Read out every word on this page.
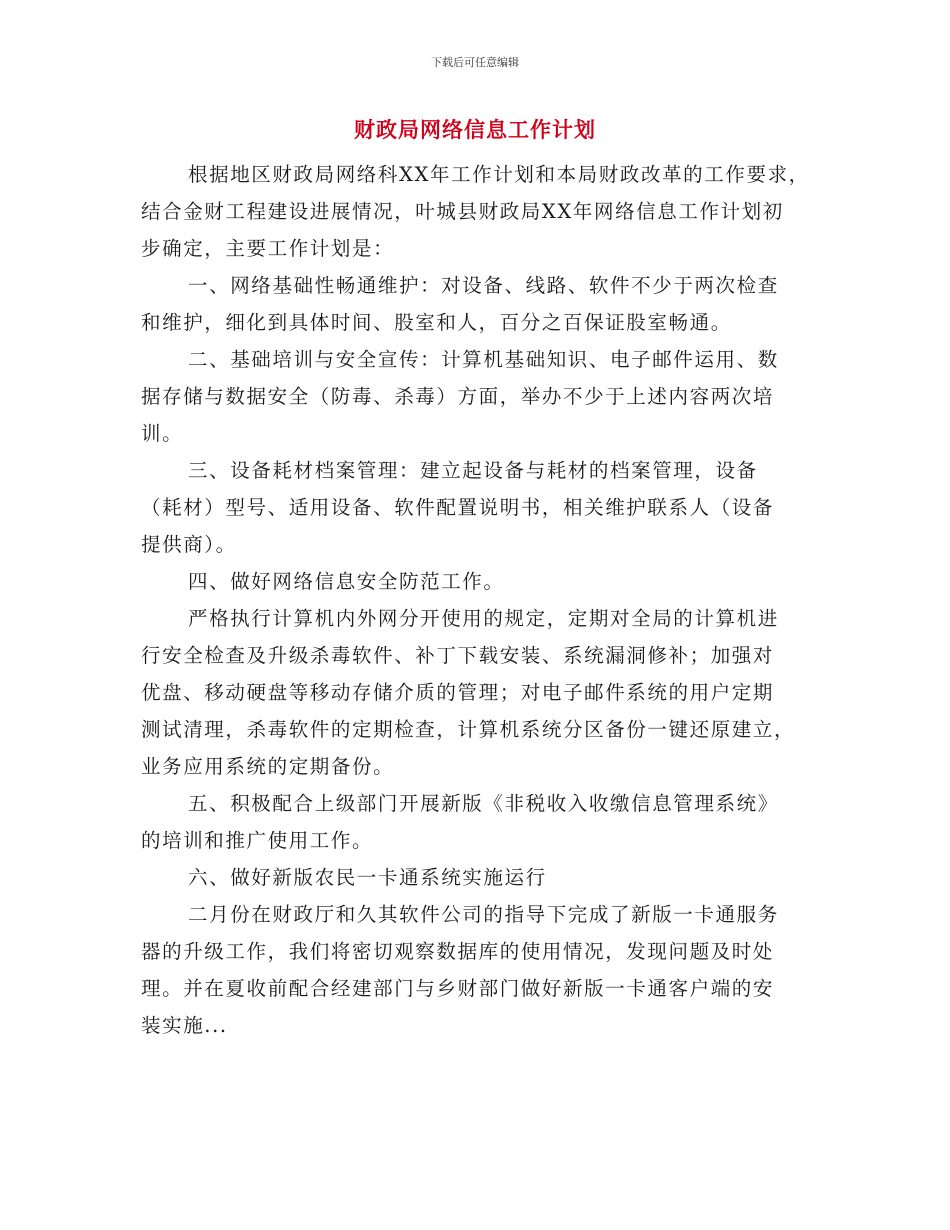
下载后可任意编辑
财政局网络信息工作计划
根据地区财政局网络科XX年工作计划和本局财政改革的工作要求，
结合金财工程建设进展情况，叶城县财政局XX年网络信息工作计划初
步确定，主要工作计划是：
一、网络基础性畅通维护：对设备、线路、软件不少于两次检查
和维护，细化到具体时间、股室和人，百分之百保证股室畅通。
二、基础培训与安全宣传：计算机基础知识、电子邮件运用、数
据存储与数据安全（防毒、杀毒）方面，举办不少于上述内容两次培
训。
三、设备耗材档案管理：建立起设备与耗材的档案管理，设备
（耗材）型号、适用设备、软件配置说明书，相关维护联系人（设备
提供商）。
四、做好网络信息安全防范工作。
严格执行计算机内外网分开使用的规定，定期对全局的计算机进
行安全检查及升级杀毒软件、补丁下载安装、系统漏洞修补；加强对
优盘、移动硬盘等移动存储介质的管理；对电子邮件系统的用户定期
测试清理，杀毒软件的定期检查，计算机系统分区备份一键还原建立，
业务应用系统的定期备份。
五、积极配合上级部门开展新版《非税收入收缴信息管理系统》
的培训和推广使用工作。
六、做好新版农民一卡通系统实施运行
二月份在财政厅和久其软件公司的指导下完成了新版一卡通服务
器的升级工作，我们将密切观察数据库的使用情况，发现问题及时处
理。并在夏收前配合经建部门与乡财部门做好新版一卡通客户端的安
装实施...
